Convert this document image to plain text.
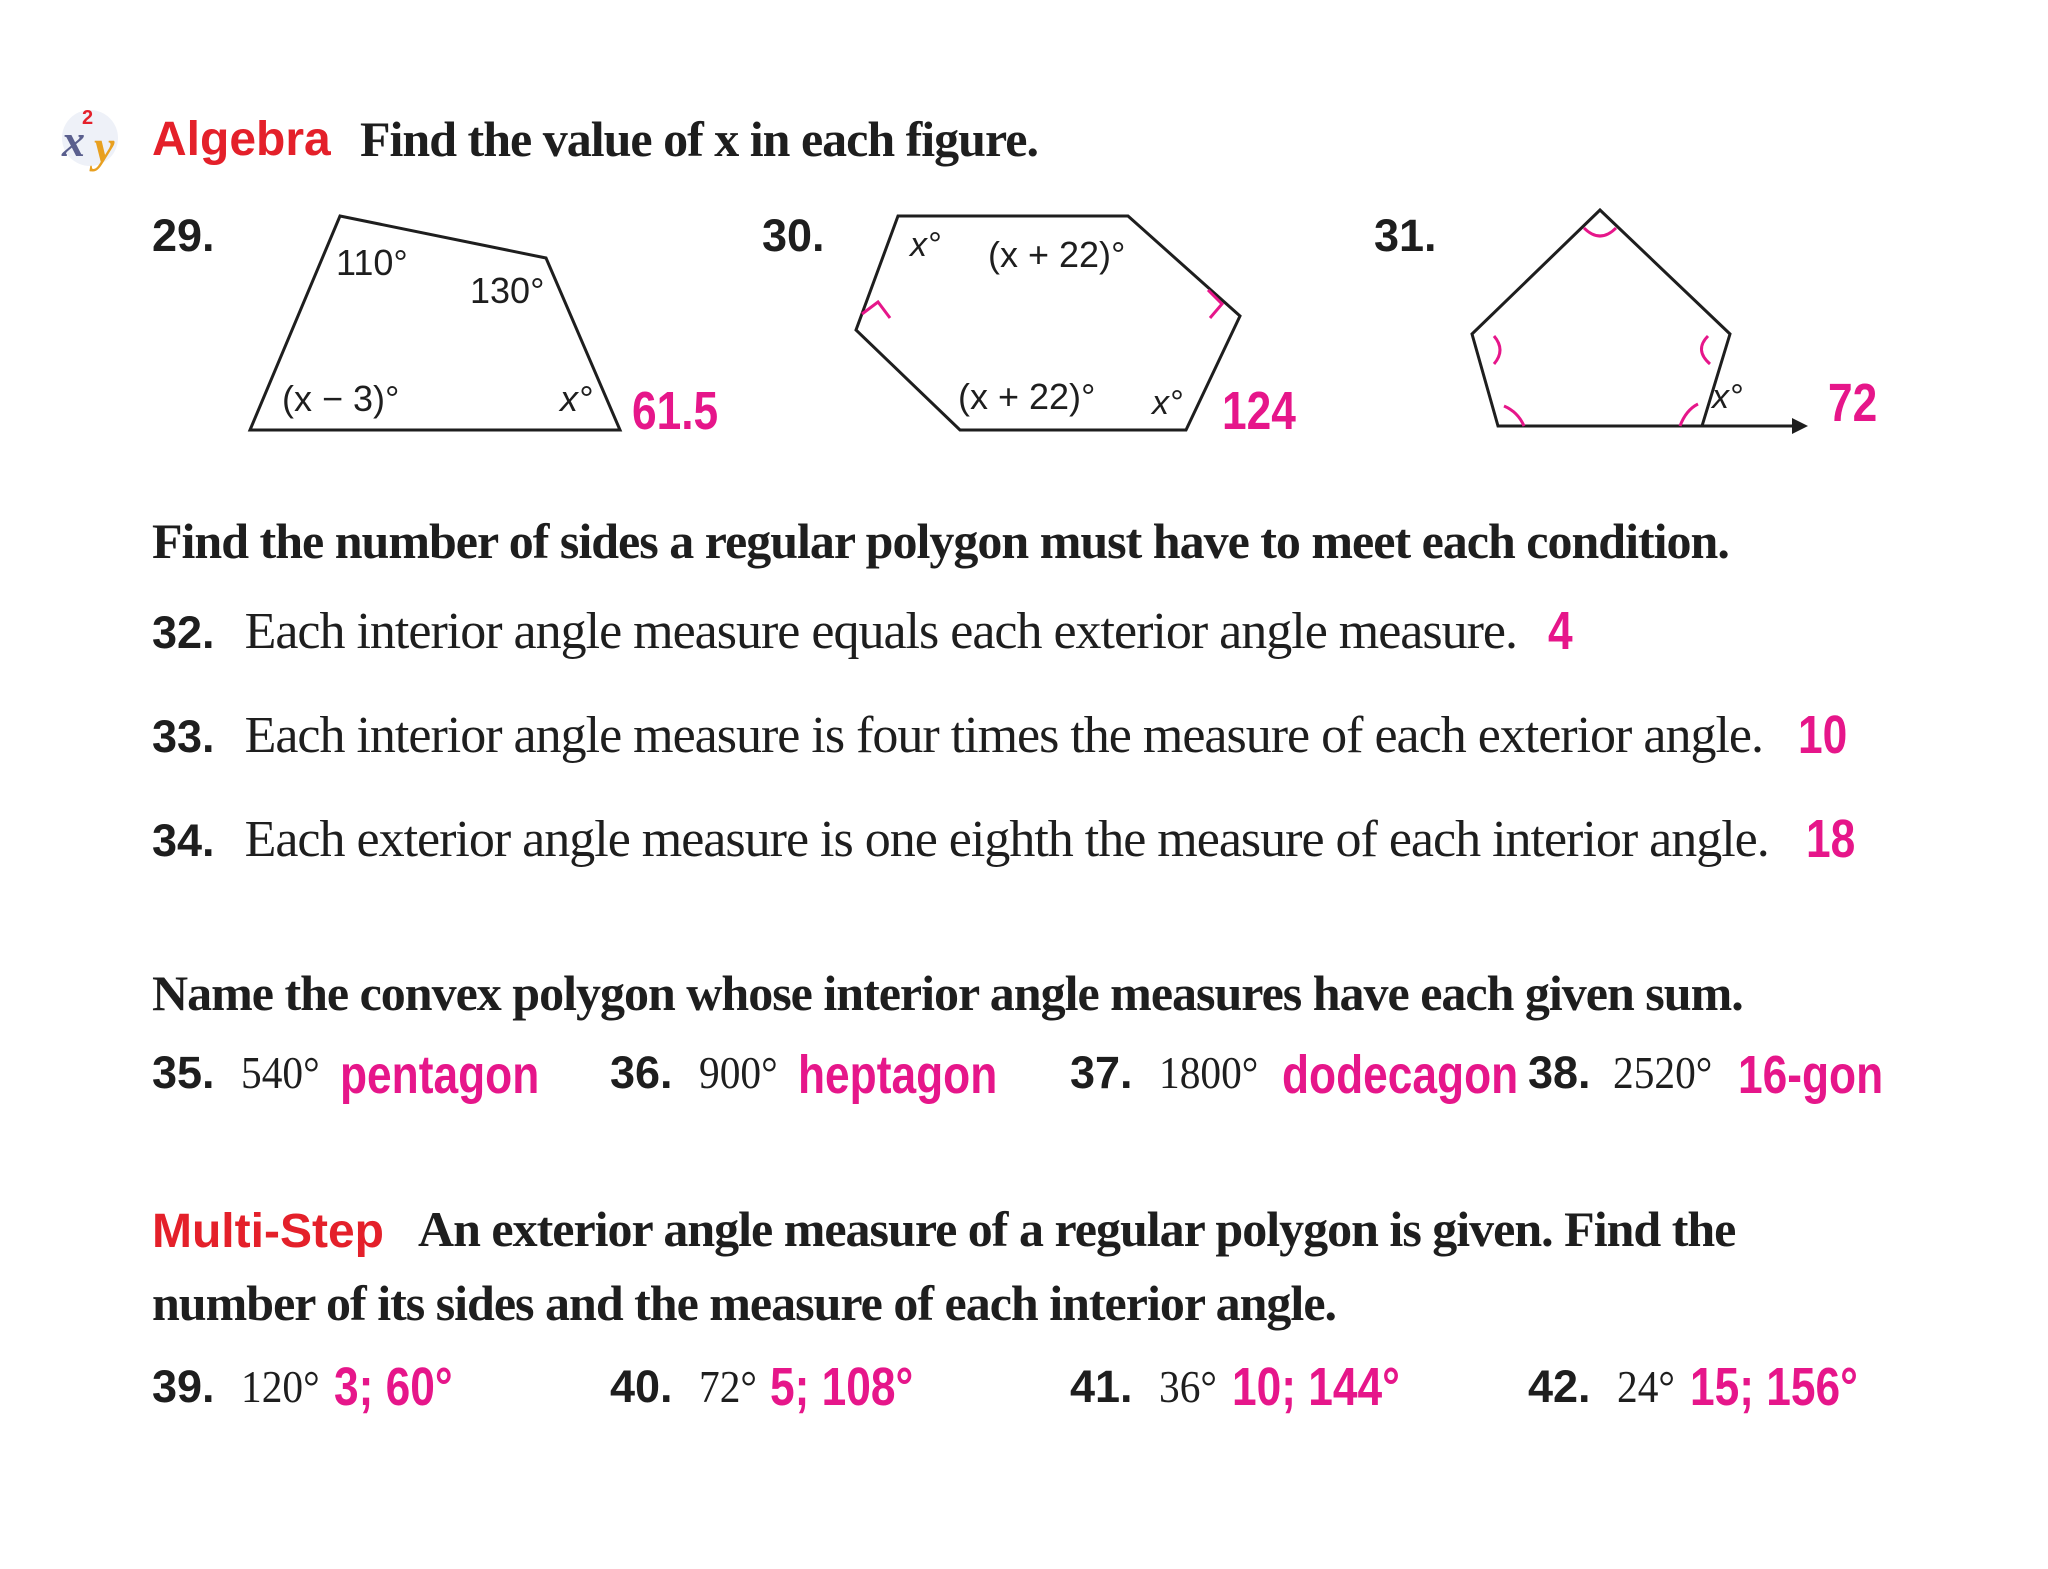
x
2
y Algebra Find the value of x in each figure.
29.
110°
130°
(x − 3)°	x° 61.5
30.	x° (x + 22)°
(x + 22)° x° 124
31.
x° 72
Find the number of sides a regular polygon must have to meet each condition.
32. Each interior angle measure equals each exterior angle measure. 4
33. Each interior angle measure is four times the measure of each exterior angle. 10
34. Each exterior angle measure is one eighth the measure of each interior angle. 18
Name the convex polygon whose interior angle measures have each given sum.
35. 540° pentagon 36. 900° heptagon 37. 1800° dodecagon 38. 2520° 16-gon
Multi-Step An exterior angle measure of a regular polygon is given. Find the
number of its sides and the measure of each interior angle.
39. 120° 3; 60°	40. 72° 5; 108°	41. 36° 10; 144°	42. 24° 15; 156°
